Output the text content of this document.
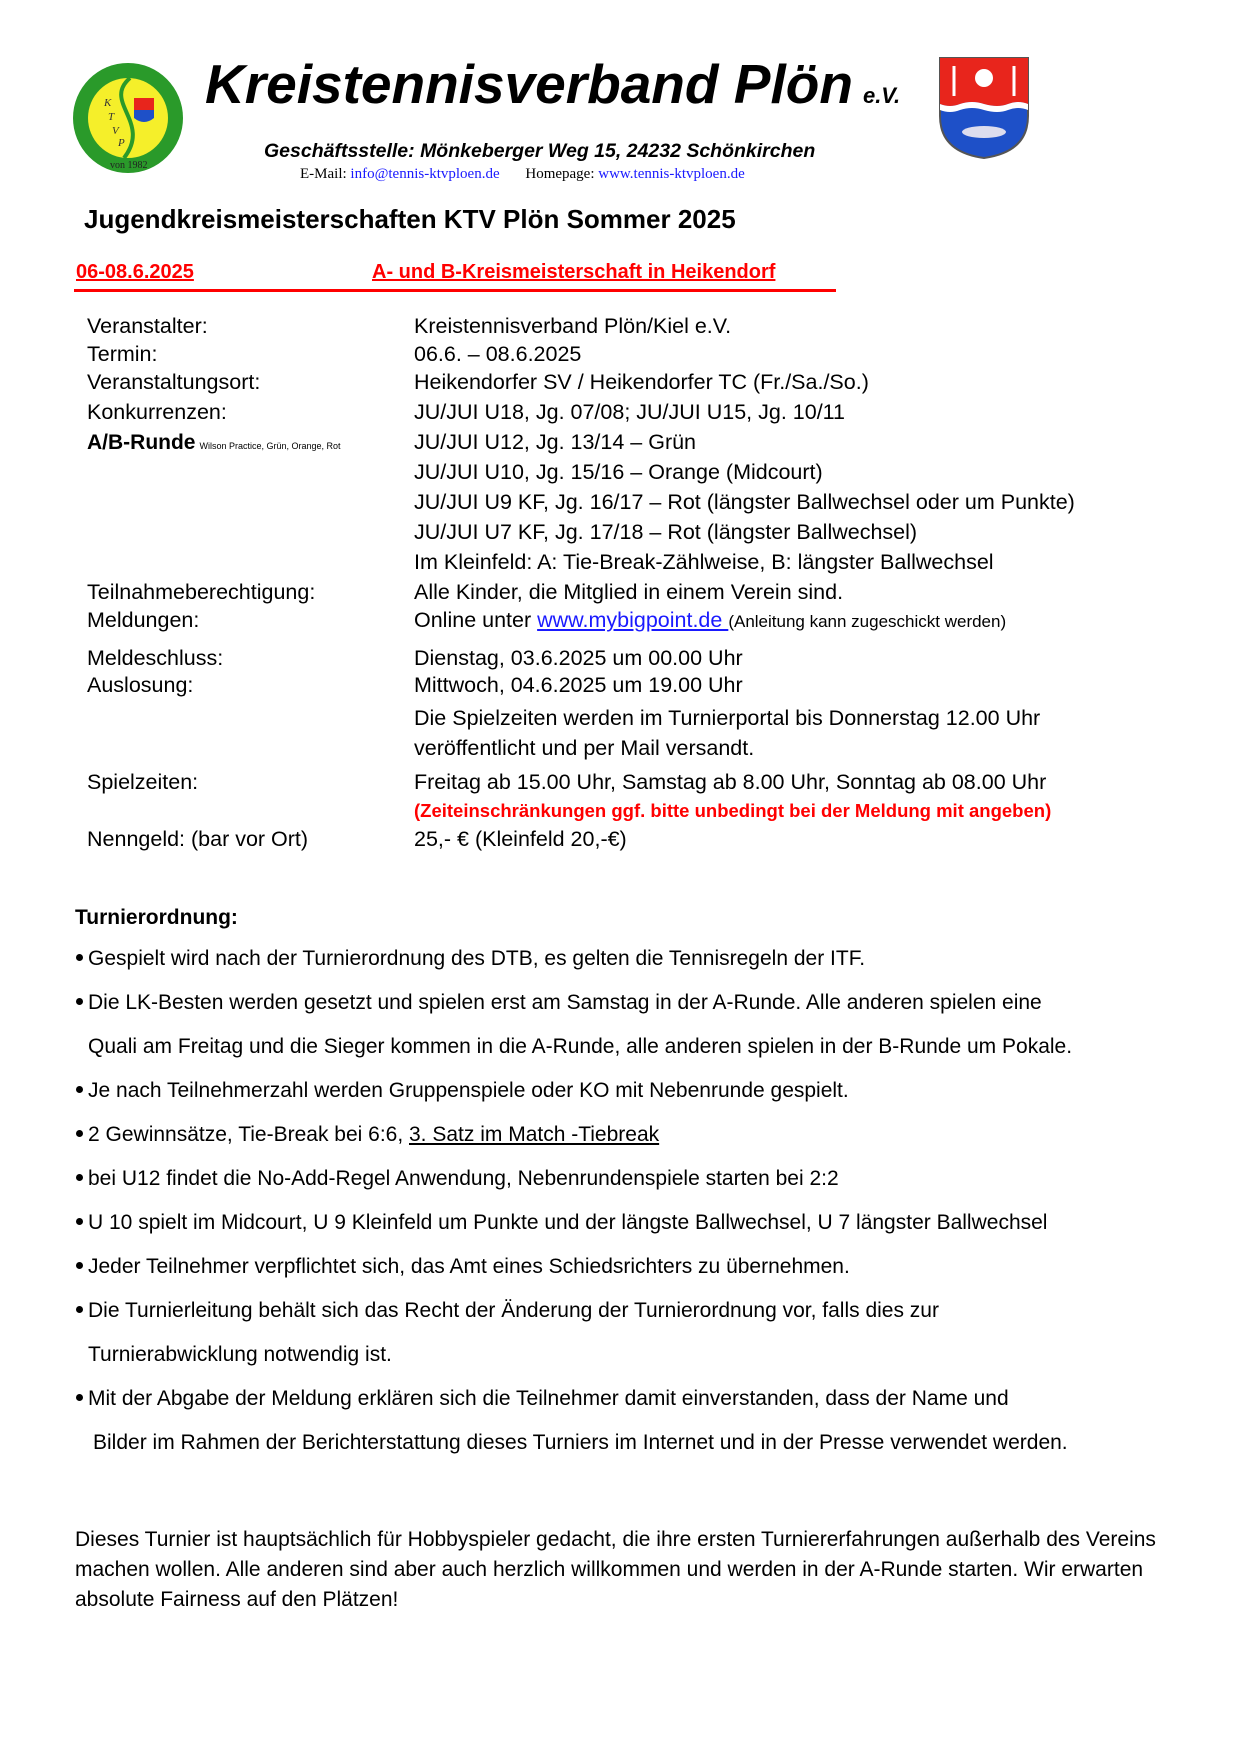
K
T
V
P
von 1982
Kreistennisverband Plön e.V.
Geschäftsstelle: Mönkeberger Weg 15, 24232 Schönkirchen
E-Mail: info@tennis-ktvploen.de Homepage: www.tennis-ktvploen.de
Jugendkreismeisterschaften KTV Plön Sommer 2025
06-08.6.2025	A- und B-Kreismeisterschaft in Heikendorf
Veranstalter:	Kreistennisverband Plön/Kiel e.V.
Termin:	06.6. – 08.6.2025
Veranstaltungsort:	Heikendorfer SV / Heikendorfer TC (Fr./Sa./So.)
Konkurrenzen:	JU/JUI U18, Jg. 07/08; JU/JUI U15, Jg. 10/11
A/B-Runde Wilson Practice, Grün, Orange, Rot	JU/JUI U12, Jg. 13/14 – Grün
JU/JUI U10, Jg. 15/16 – Orange (Midcourt)
JU/JUI U9 KF, Jg. 16/17 – Rot (längster Ballwechsel oder um Punkte)
JU/JUI U7 KF, Jg. 17/18 – Rot (längster Ballwechsel)
Im Kleinfeld: A: Tie-Break-Zählweise, B: längster Ballwechsel
Teilnahmeberechtigung:	Alle Kinder, die Mitglied in einem Verein sind.
Meldungen:	Online unter www.mybigpoint.de (Anleitung kann zugeschickt werden)
Meldeschluss:	Dienstag, 03.6.2025 um 00.00 Uhr
Auslosung:	Mittwoch, 04.6.2025 um 19.00 Uhr
Die Spielzeiten werden im Turnierportal bis Donnerstag 12.00 Uhr
veröffentlicht und per Mail versandt.
Spielzeiten:	Freitag ab 15.00 Uhr, Samstag ab 8.00 Uhr, Sonntag ab 08.00 Uhr
(Zeiteinschränkungen ggf. bitte unbedingt bei der Meldung mit angeben)
Nenngeld: (bar vor Ort)	25,- € (Kleinfeld 20,-€)
Turnierordnung:
Gespielt wird nach der Turnierordnung des DTB, es gelten die Tennisregeln der ITF.
Die LK-Besten werden gesetzt und spielen erst am Samstag in der A-Runde. Alle anderen spielen eine
Quali am Freitag und die Sieger kommen in die A-Runde, alle anderen spielen in der B-Runde um Pokale.
Je nach Teilnehmerzahl werden Gruppenspiele oder KO mit Nebenrunde gespielt.
2 Gewinnsätze, Tie-Break bei 6:6, 3. Satz im Match -Tiebreak
bei U12 findet die No-Add-Regel Anwendung, Nebenrundenspiele starten bei 2:2
U 10 spielt im Midcourt, U 9 Kleinfeld um Punkte und der längste Ballwechsel, U 7 längster Ballwechsel
Jeder Teilnehmer verpflichtet sich, das Amt eines Schiedsrichters zu übernehmen.
Die Turnierleitung behält sich das Recht der Änderung der Turnierordnung vor, falls dies zur
Turnierabwicklung notwendig ist.
Mit der Abgabe der Meldung erklären sich die Teilnehmer damit einverstanden, dass der Name und
Bilder im Rahmen der Berichterstattung dieses Turniers im Internet und in der Presse verwendet werden.
Dieses Turnier ist hauptsächlich für Hobbyspieler gedacht, die ihre ersten Turniererfahrungen außerhalb des Vereins machen wollen. Alle anderen sind aber auch herzlich willkommen und werden in der A-Runde starten. Wir erwarten absolute Fairness auf den Plätzen!
